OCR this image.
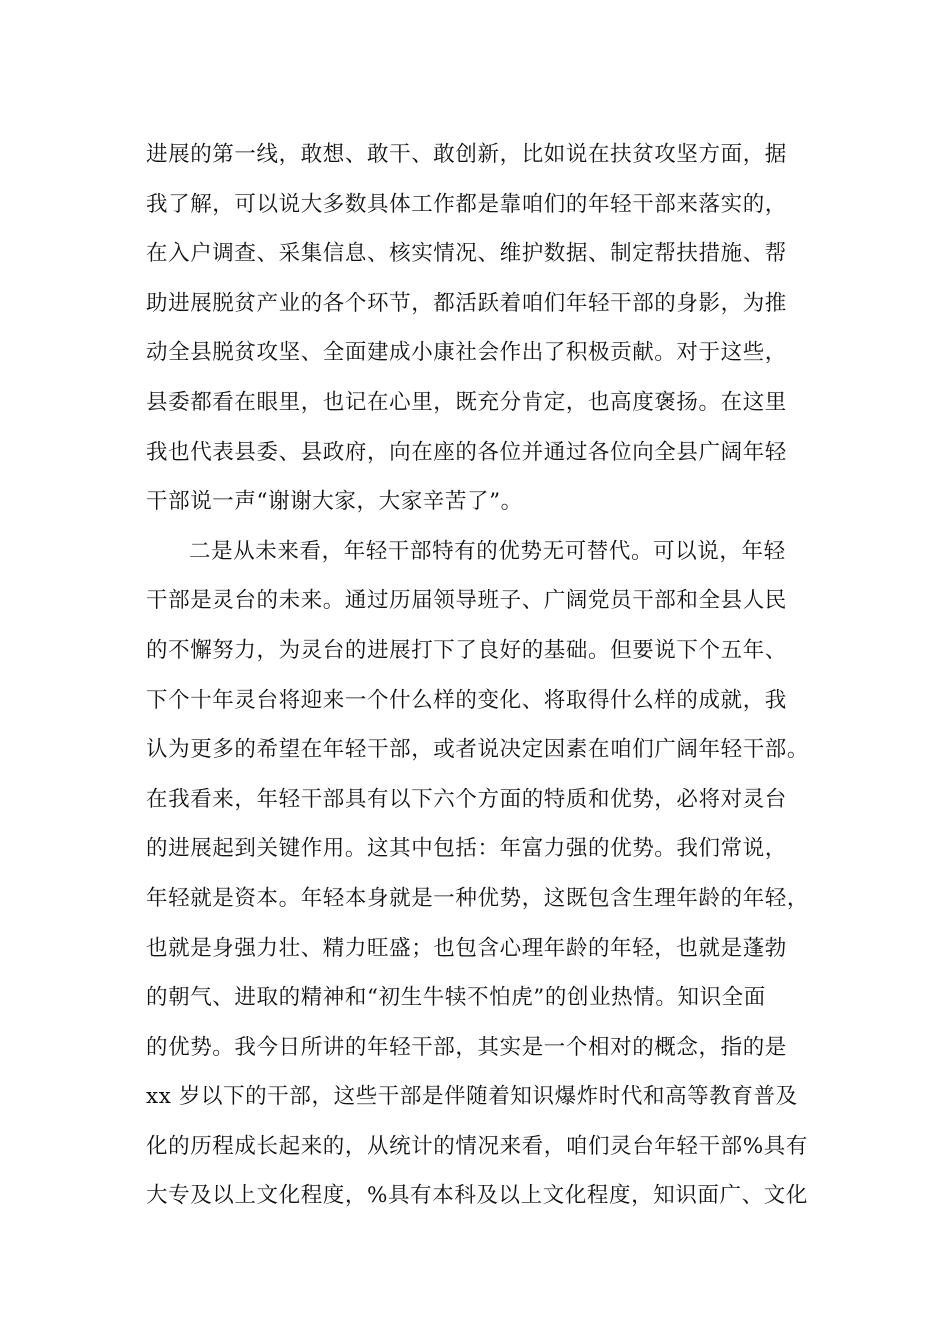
进展的第一线，敢想、敢干、敢创新，比如说在扶贫攻坚方面，据
我了解，可以说大多数具体工作都是靠咱们的年轻干部来落实的，
在入户调查、采集信息、核实情况、维护数据、制定帮扶措施、帮
助进展脱贫产业的各个环节，都活跃着咱们年轻干部的身影，为推
动全县脱贫攻坚、全面建成小康社会作出了积极贡献。对于这些，
县委都看在眼里，也记在心里，既充分肯定，也高度褒扬。在这里
我也代表县委、县政府，向在座的各位并通过各位向全县广阔年轻
干部说一声“谢谢大家，大家辛苦了”。
二是从未来看，年轻干部特有的优势无可替代。可以说，年轻
干部是灵台的未来。通过历届领导班子、广阔党员干部和全县人民
的不懈努力，为灵台的进展打下了良好的基础。但要说下个五年、
下个十年灵台将迎来一个什么样的变化、将取得什么样的成就，我
认为更多的希望在年轻干部，或者说决定因素在咱们广阔年轻干部。
在我看来，年轻干部具有以下六个方面的特质和优势，必将对灵台
的进展起到关键作用。这其中包括：年富力强的优势。我们常说，
年轻就是资本。年轻本身就是一种优势，这既包含生理年龄的年轻，
也就是身强力壮、精力旺盛；也包含心理年龄的年轻，也就是蓬勃
的朝气、进取的精神和“初生牛犊不怕虎”的创业热情。知识全面
的优势。我今日所讲的年轻干部，其实是一个相对的概念，指的是
xx 岁以下的干部，这些干部是伴随着知识爆炸时代和高等教育普及
化的历程成长起来的，从统计的情况来看，咱们灵台年轻干部%具有
大专及以上文化程度，%具有本科及以上文化程度，知识面广、文化
